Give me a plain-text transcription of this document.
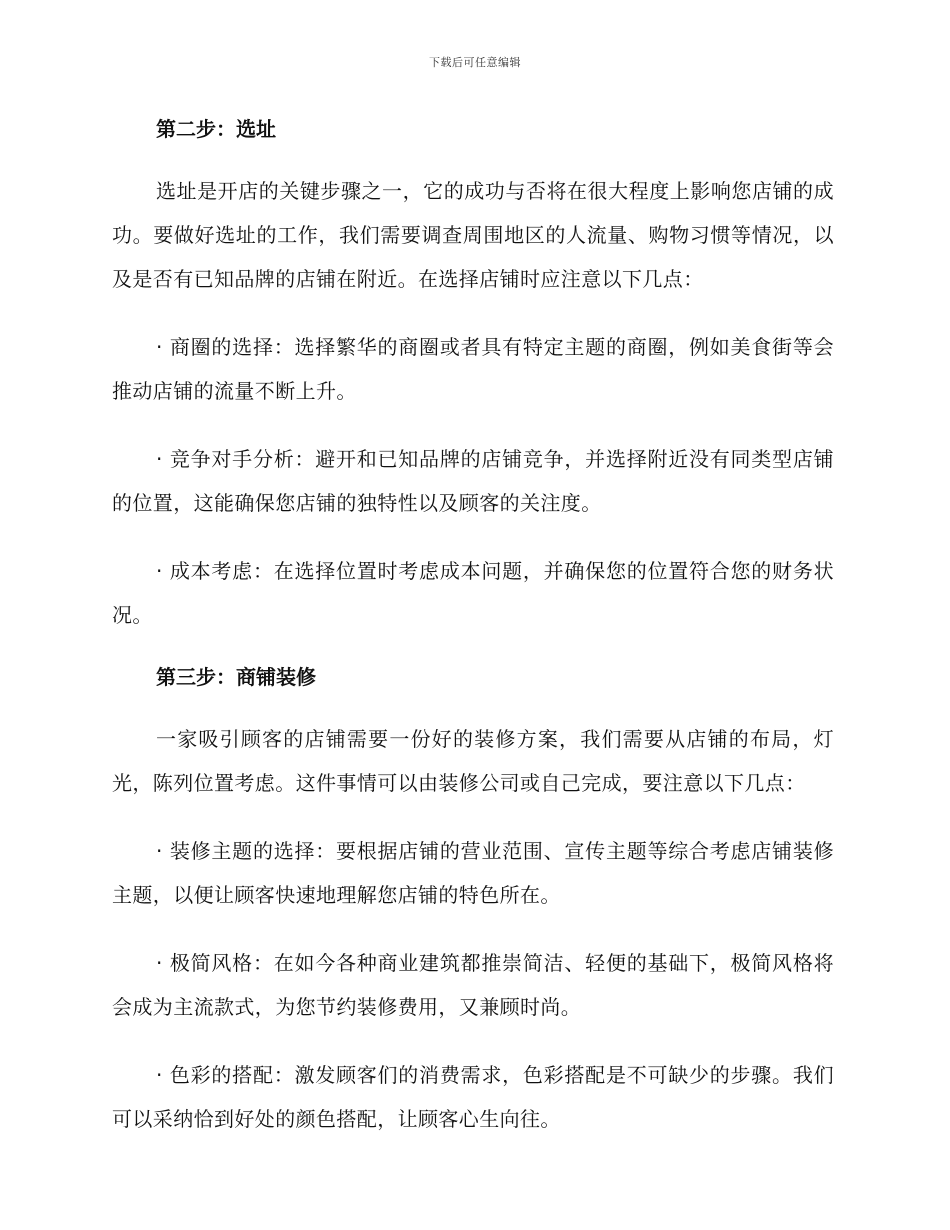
下载后可任意编辑
第二步：选址

选址是开店的关键步骤之一，它的成功与否将在很大程度上影响您店铺的成功。要做好选址的工作，我们需要调查周围地区的人流量、购物习惯等情况，以及是否有已知品牌的店铺在附近。在选择店铺时应注意以下几点：

· 商圈的选择：选择繁华的商圈或者具有特定主题的商圈，例如美食街等会推动店铺的流量不断上升。

· 竞争对手分析：避开和已知品牌的店铺竞争，并选择附近没有同类型店铺的位置，这能确保您店铺的独特性以及顾客的关注度。

· 成本考虑：在选择位置时考虑成本问题，并确保您的位置符合您的财务状况。

第三步：商铺装修

一家吸引顾客的店铺需要一份好的装修方案，我们需要从店铺的布局，灯光，陈列位置考虑。这件事情可以由装修公司或自己完成，要注意以下几点：

· 装修主题的选择：要根据店铺的营业范围、宣传主题等综合考虑店铺装修主题，以便让顾客快速地理解您店铺的特色所在。

· 极简风格：在如今各种商业建筑都推崇简洁、轻便的基础下，极简风格将会成为主流款式，为您节约装修费用，又兼顾时尚。

· 色彩的搭配：激发顾客们的消费需求，色彩搭配是不可缺少的步骤。我们可以采纳恰到好处的颜色搭配，让顾客心生向往。
